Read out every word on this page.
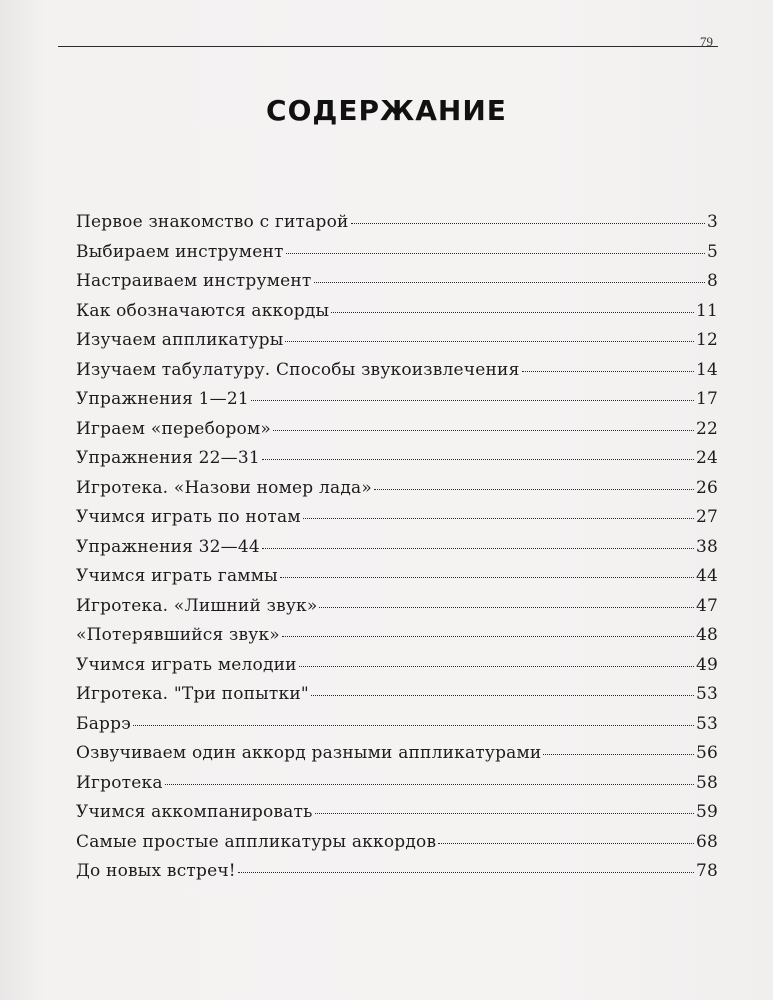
79
СОДЕРЖАНИЕ
Первое знакомство с гитарой	3
Выбираем инструмент	5
Настраиваем инструмент	8
Как обозначаются аккорды	11
Изучаем аппликатуры	12
Изучаем табулатуру. Способы звукоизвлечения	14
Упражнения 1—21	17
Играем «перебором»	22
Упражнения 22—31	24
Игротека. «Назови номер лада»	26
Учимся играть по нотам	27
Упражнения 32—44	38
Учимся играть гаммы	44
Игротека. «Лишний звук»	47
«Потерявшийся звук»	48
Учимся играть мелодии	49
Игротека. "Три попытки"	53
Баррэ	53
Озвучиваем один аккорд разными аппликатурами	56
Игротека	58
Учимся аккомпанировать	59
Самые простые аппликатуры аккордов	68
До новых встреч!	78
